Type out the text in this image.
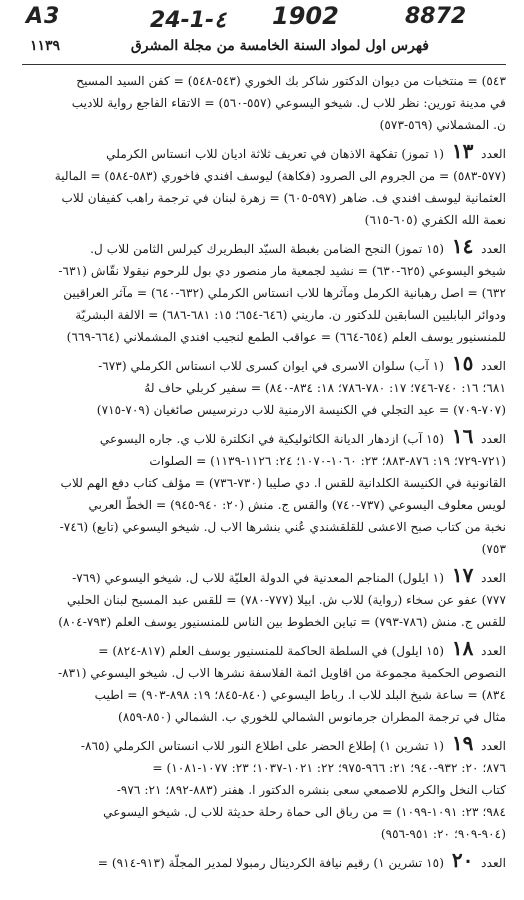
A3	24-1-٤ 1902	8872
فهرس اول لمواد السنة الخامسة من مجلة المشرق
١١٣٩
٥٤٣) = منتخبات من ديوان الدكتور شاكر بك الخوري (٥٤٣-٥٤٨) = كفن السيد المسيح
في مدينة تورين: نظر للاب ل. شيخو اليسوعي (٥٥٧-٥٦٠) = الاتقاء الفاجع رواية للاديب
ن. المشملاني (٥٦٩-٥٧٣)
العدد ١٣ (١ تموز) تفكهة الاذهان في تعريف ثلاثة اديان للاب انستاس الكرملي
(٥٧٧-٥٨٣) = من الجروم الى الصرود (فكاهة) ليوسف افندي فاخوري (٥٨٣-٥٨٤) = المالية
العثمانية ليوسف افندي ف. ضاهر (٥٩٧-٦٠٥) = زهرة لبنان في ترجمة راهب كفيفان للاب
نعمة الله الكفري (٦٠٥-٦١٥)
العدد ١٤ (١٥ تموز) النجح الضامن بغبطة السيّد البطريرك كيرلس الثامن للاب ل.
شيخو اليسوعي (٦٢٥-٦٣٠) = نشيد لجمعية مار منصور دي بول للرحوم نيقولا نقّاش (٦٣١-
٦٣٢) = اصل رهبانية الكرمل ومآثرها للاب انستاس الكرملي (٦٣٢-٦٤٠) = مآثر العراقيين
ودوائر البابليين السابقين للدكتور ن. ماريني (٦٤٦-٦٥٤؛ ١٥: ٦٨١-٦٨٦) = الالفة البشريّة
للمنسنيور يوسف العلم (٦٥٤-٦٦٤) = عواقب الطمع لنجيب افندي المشملاني (٦٦٤-٦٦٩)
العدد ١٥ (١ آب) سلوان الاسرى في ايوان كسرى للاب انستاس الكرملي (٦٧٣-
٦٨١؛ ١٦: ٧٤٠-٧٤٦؛ ١٧: ٧٨٠-٧٨٦؛ ١٨: ٨٣٤-٨٤٠) = سفير كربلي حاف لهُ
(٧٠٧-٧٠٩) = عيد التجلي في الكنيسة الارمنية للاب درنرسيس صائغيان (٧٠٩-٧١٥)
العدد ١٦ (١٥ آب) ازدهار الديانة الكاثوليكية في انكلترة للاب ي. جاره اليسوعي
(٧٢١-٧٢٩؛ ١٩: ٨٧٦-٨٨٣؛ ٢٣: ١٠٦٠-١٠٧٠؛ ٢٤: ١١٢٦-١١٣٩) = الصلوات
القانونية في الكنيسة الكلدانية للقس ا. دي صليبا (٧٣٠-٧٣٦) = مؤلف كتاب دفع الهم للاب
لويس معلوف اليسوعي (٧٣٧-٧٤٠) والقس ج. منش (٢٠: ٩٤٠-٩٤٥) = الخطّ العربي
نخبة من كتاب صبح الاعشى للقلقشندي عُني بنشرها الاب ل. شيخو اليسوعي (تابع) (٧٤٦-
٧٥٣)
العدد ١٧ (١ ايلول) المناجم المعدنية في الدولة العليّة للاب ل. شيخو اليسوعي (٧٦٩-
٧٧٧) عفو عن سخاء (رواية) للاب ش. ابيلا (٧٧٧-٧٨٠) = للقس عبد المسيح لبنان الحلبي
للقس ج. منش (٧٨٦-٧٩٣) = تباين الخطوط بين الناس للمنسنيور يوسف العلم (٧٩٣-٨٠٤)
العدد ١٨ (١٥ ايلول) في السلطة الحاكمة للمنسنيور يوسف العلم (٨١٧-٨٢٤) =
النصوص الحكمية مجموعة من اقاويل ائمة الفلاسفة نشرها الاب ل. شيخو اليسوعي (٨٣١-
٨٣٤) = ساعة شيخ البلد للاب ا. رباط اليسوعي (٨٤٠-٨٤٥؛ ١٩: ٨٩٨-٩٠٣) = اطيب
مثال في ترجمة المطران جرمانوس الشمالي للخوري ب. الشمالي (٨٥٠-٨٥٩)
العدد ١٩ (١ تشرين ١) إطلاع الحضر على اطلاع النور للاب انستاس الكرملي (٨٦٥-
٨٧٦؛ ٢٠: ٩٣٢-٩٤٠؛ ٢١: ٩٦٦-٩٧٥؛ ٢٢: ١٠٢١-١٠٣٧؛ ٢٣: ١٠٧٧-١٠٨١) =
كتاب النخل والكرم للاصمعي سعى بنشره الدكتور ا. هفنر (٨٨٣-٨٩٢؛ ٢١: ٩٧٦-
٩٨٤؛ ٢٣: ١٠٩١-١٠٩٩) = من رباق الى حماة رحلة حديثة للاب ل. شيخو اليسوعي
(٩٠٤-٩٠٩؛ ٢٠: ٩٥١-٩٥٦)
العدد ٢٠ (١٥ تشرين ١) رقيم نيافة الكردينال رمبولا لمدير المجلّة (٩١٣-٩١٤) =
